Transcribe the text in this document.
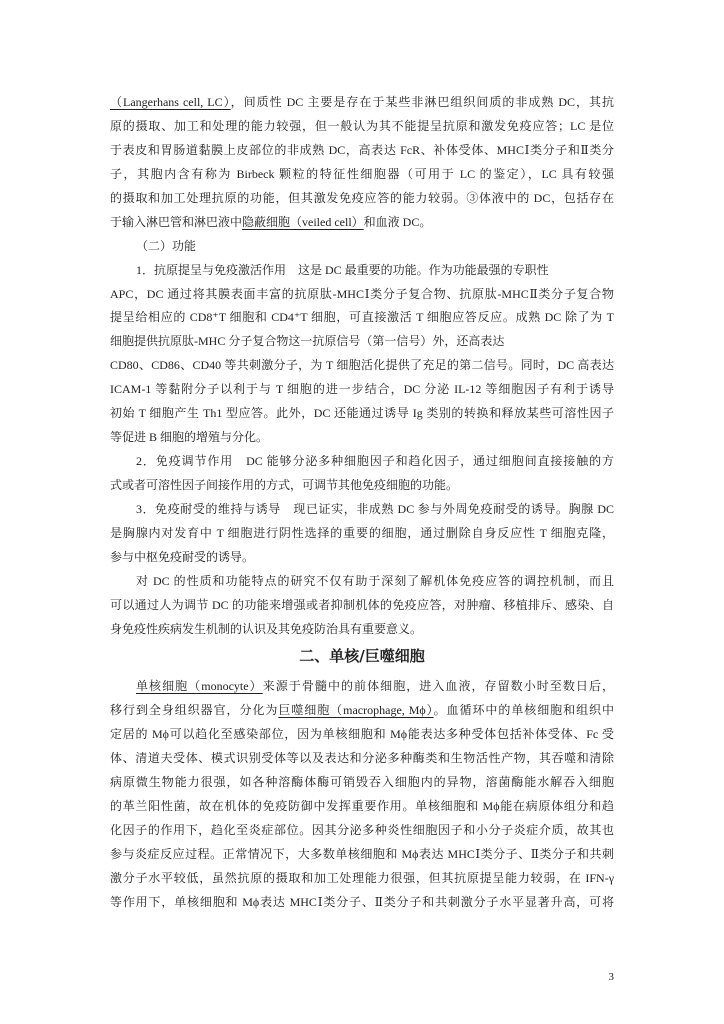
（Langerhans cell, LC），间质性 DC 主要是存在于某些非淋巴组织间质的非成熟 DC，其抗
原的摄取、加工和处理的能力较强，但一般认为其不能提呈抗原和激发免疫应答；LC 是位
于表皮和胃肠道黏膜上皮部位的非成熟 DC，高表达 FcR、补体受体、MHCⅠ类分子和Ⅱ类分
子，其胞内含有称为 Birbeck 颗粒的特征性细胞器（可用于 LC 的鉴定），LC 具有较强
的摄取和加工处理抗原的功能，但其激发免疫应答的能力较弱。③体液中的 DC，包括存在
于输入淋巴管和淋巴液中隐蔽细胞（veiled cell）和血液 DC。
（二）功能
1．抗原提呈与免疫激活作用　这是 DC 最重要的功能。作为功能最强的专职性
APC，DC 通过将其膜表面丰富的抗原肽-MHCⅠ类分子复合物、抗原肽-MHCⅡ类分子复合物
提呈给相应的 CD8⁺T 细胞和 CD4⁺T 细胞，可直接激活 T 细胞应答反应。成熟 DC 除了为 T
细胞提供抗原肽-MHC 分子复合物这一抗原信号（第一信号）外，还高表达
CD80、CD86、CD40 等共刺激分子，为 T 细胞活化提供了充足的第二信号。同时，DC 高表达
ICAM-1 等黏附分子以利于与 T 细胞的进一步结合，DC 分泌 IL-12 等细胞因子有利于诱导
初始 T 细胞产生 Th1 型应答。此外，DC 还能通过诱导 Ig 类别的转换和释放某些可溶性因子
等促进 B 细胞的增殖与分化。
2．免疫调节作用　DC 能够分泌多种细胞因子和趋化因子，通过细胞间直接接触的方
式或者可溶性因子间接作用的方式，可调节其他免疫细胞的功能。
3．免疫耐受的维持与诱导　现已证实，非成熟 DC 参与外周免疫耐受的诱导。胸腺 DC
是胸腺内对发育中 T 细胞进行阴性选择的重要的细胞，通过删除自身反应性 T 细胞克隆，
参与中枢免疫耐受的诱导。
对 DC 的性质和功能特点的研究不仅有助于深刻了解机体免疫应答的调控机制，而且
可以通过人为调节 DC 的功能来增强或者抑制机体的免疫应答，对肿瘤、移植排斥、感染、自
身免疫性疾病发生机制的认识及其免疫防治具有重要意义。
二、单核/巨噬细胞
单核细胞（monocyte）来源于骨髓中的前体细胞，进入血液，存留数小时至数日后，
移行到全身组织器官，分化为巨噬细胞（macrophage, Mϕ）。血循环中的单核细胞和组织中
定居的 Mϕ可以趋化至感染部位，因为单核细胞和 Mϕ能表达多种受体包括补体受体、Fc 受
体、清道夫受体、模式识别受体等以及表达和分泌多种酶类和生物活性产物，其吞噬和清除
病原微生物能力很强，如各种溶酶体酶可销毁吞入细胞内的异物，溶菌酶能水解吞入细胞
的革兰阳性菌，故在机体的免疫防御中发挥重要作用。单核细胞和 Mϕ能在病原体组分和趋
化因子的作用下，趋化至炎症部位。因其分泌多种炎性细胞因子和小分子炎症介质，故其也
参与炎症反应过程。正常情况下，大多数单核细胞和 Mϕ表达 MHCⅠ类分子、Ⅱ类分子和共刺
激分子水平较低，虽然抗原的摄取和加工处理能力很强，但其抗原提呈能力较弱，在 IFN-γ
等作用下，单核细胞和 Mϕ表达 MHCⅠ类分子、Ⅱ类分子和共刺激分子水平显著升高，可将
3
